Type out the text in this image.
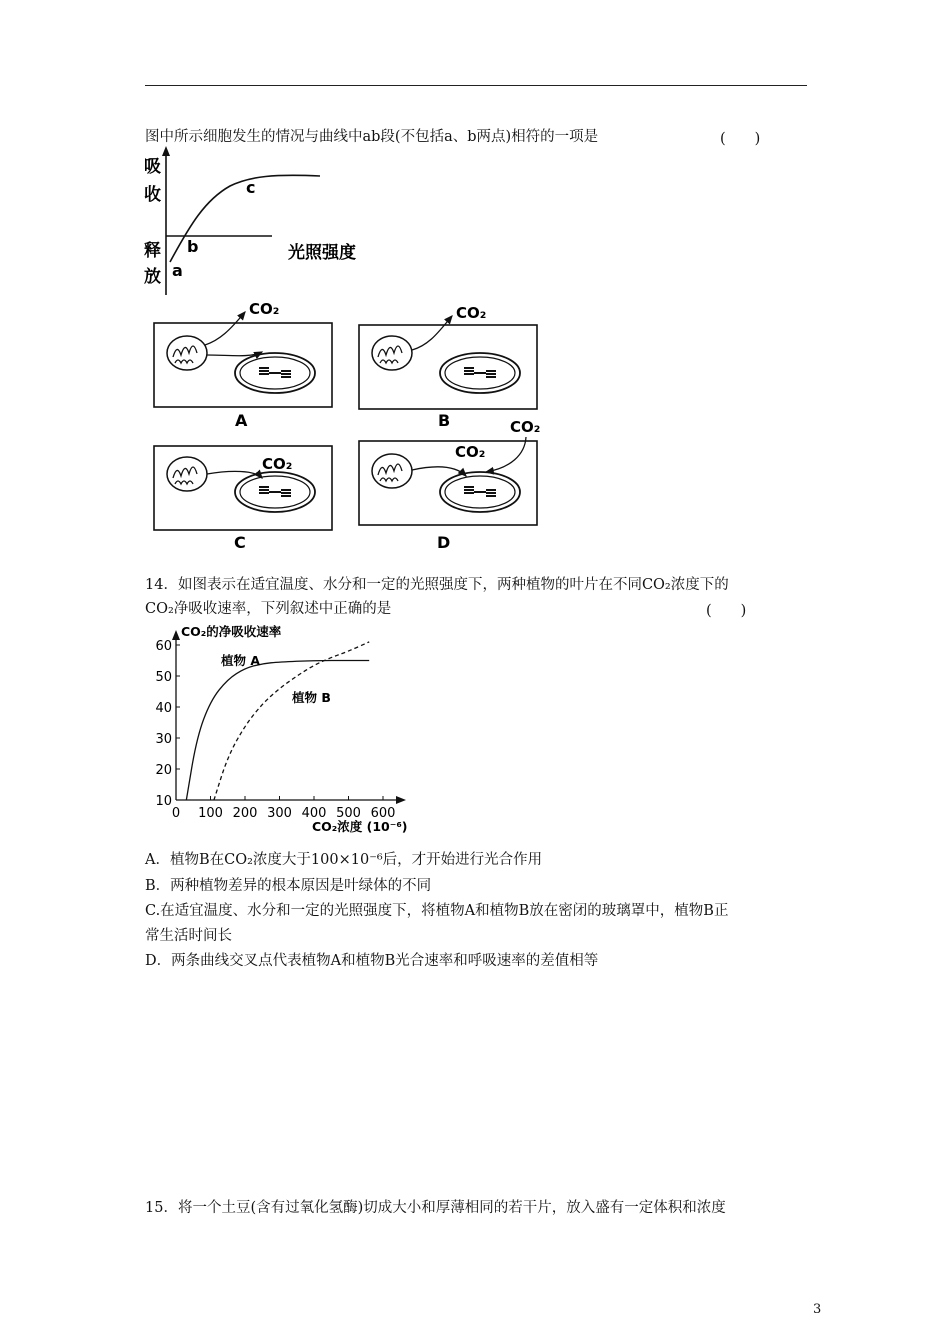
图中所示细胞发生的情况与曲线中ab段(不包括a、b两点)相符的一项是	(　　)
吸
收
释
放 a
b
c
光照强度
CO₂
A
CO₂
B
CO₂
C
CO₂
CO₂
D
14．如图表示在适宜温度、水分和一定的光照强度下，两种植物的叶片在不同CO₂浓度下的
CO₂净吸收速率，下列叙述中正确的是	(　　)
CO₂的净吸收速率
CO₂浓度 (10⁻⁶)
10
20
30
40
50
60
100 200 300 400 500 600
0
植物 A
植物 B
A．植物B在CO₂浓度大于100×10⁻⁶后，才开始进行光合作用
B．两种植物差异的根本原因是叶绿体的不同
C.在适宜温度、水分和一定的光照强度下，将植物A和植物B放在密闭的玻璃罩中，植物B正
常生活时间长
D．两条曲线交叉点代表植物A和植物B光合速率和呼吸速率的差值相等
15．将一个土豆(含有过氧化氢酶)切成大小和厚薄相同的若干片，放入盛有一定体积和浓度
3
